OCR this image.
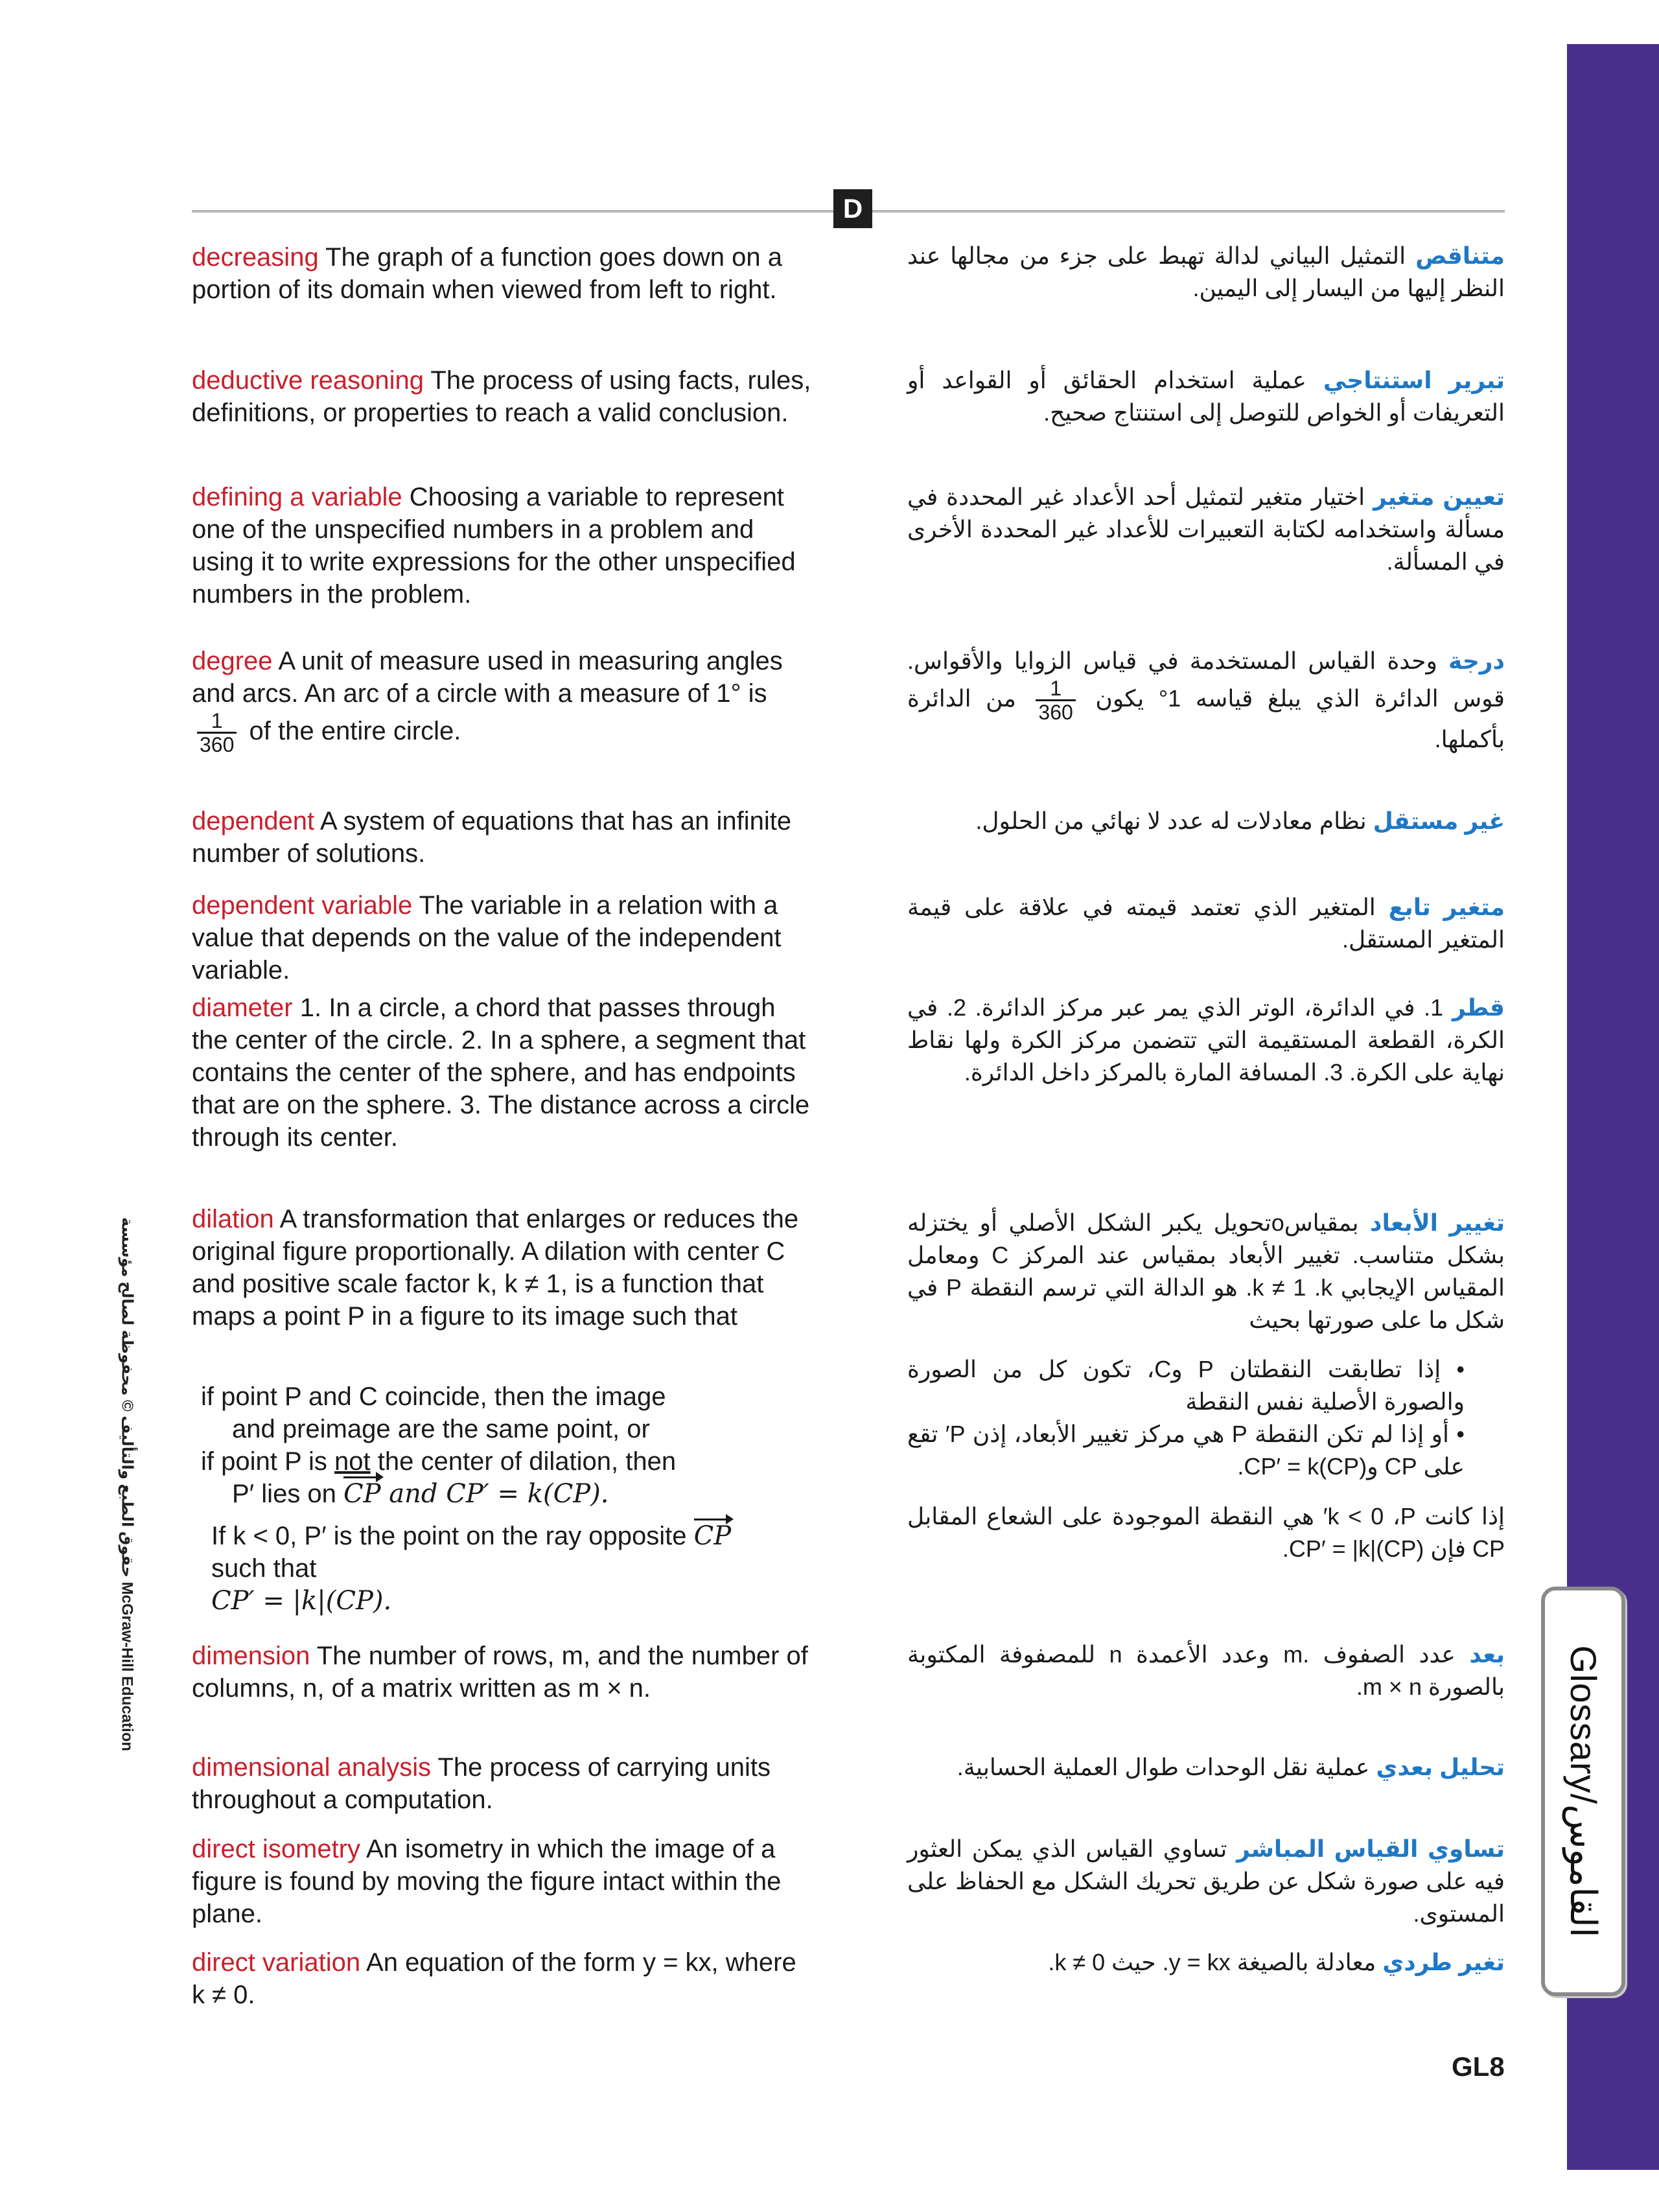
Glossary/القاموس
D
حقوق الطبع والتأليف © محفوظة لصالح مؤسسة McGraw-Hill Education
GL8
decreasing The graph of a function goes down on a portion of its domain when viewed from left to right.
deductive reasoning The process of using facts, rules, definitions, or properties to reach a valid conclusion.
defining a variable Choosing a variable to represent one of the unspecified numbers in a problem and using it to write expressions for the other unspecified numbers in the problem.
degree A unit of measure used in measuring angles and arcs. An arc of a circle with a measure of 1° is
$\frac{1}{360}$ of the entire circle.
dependent A system of equations that has an infinite number of solutions.
dependent variable The variable in a relation with a value that depends on the value of the independent variable.
diameter 1. In a circle, a chord that passes through the center of the circle. 2. In a sphere, a segment that contains the center of the sphere, and has endpoints that are on the sphere. 3. The distance across a circle through its center.
dilation A transformation that enlarges or reduces the original figure proportionally. A dilation with center C and positive scale factor k, k ≠ 1, is a function that maps a point P in a figure to its image such that
if point P and C coincide, then the image
and preimage are the same point, or
if point P is not the center of dilation, then
P′ lies on CP and CP′ = k(CP).
If k < 0, P′ is the point on the ray opposite CP
such that
CP′ = |k|(CP).
dimension The number of rows, m, and the number of columns, n, of a matrix written as m × n.
dimensional analysis The process of carrying units throughout a computation.
direct isometry An isometry in which the image of a figure is found by moving the figure intact within the plane.
direct variation An equation of the form y = kx, where k ≠ 0.
متناقص التمثيل البياني لدالة تهبط على جزء من مجالها عند النظر إليها من اليسار إلى اليمين.
تبرير استنتاجي عملية استخدام الحقائق أو القواعد أو التعريفات أو الخواص للتوصل إلى استنتاج صحيح.
تعيين متغير اختيار متغير لتمثيل أحد الأعداد غير المحددة في مسألة واستخدامه لكتابة التعبيرات للأعداد غير المحددة الأخرى في المسألة.
درجة وحدة القياس المستخدمة في قياس الزوايا والأقواس. قوس الدائرة الذي يبلغ قياسه 1° يكون
$\frac{1}{360}$
من الدائرة بأكملها.
غير مستقل نظام معادلات له عدد لا نهائي من الحلول.
متغير تابع المتغير الذي تعتمد قيمته في علاقة على قيمة المتغير المستقل.
قطر 1. في الدائرة، الوتر الذي يمر عبر مركز الدائرة. 2. في الكرة، القطعة المستقيمة التي تتضمن مركز الكرة ولها نقاط نهاية على الكرة. 3. المسافة المارة بالمركز داخل الدائرة.
تغيير الأبعاد بمقياسoتحويل يكبر الشكل الأصلي أو يختزله بشكل متناسب. تغيير الأبعاد بمقياس عند المركز C ومعامل المقياس الإيجابي k ≠ 1 .k. هو الدالة التي ترسم النقطة P في شكل ما على صورتها بحيث
• إذا تطابقت النقطتان P وC، تكون كل من الصورة والصورة الأصلية نفس النقطة
• أو إذا لم تكن النقطة P هي مركز تغيير الأبعاد، إذن P′ تقع على CP وCP′ = k(CP).
إذا كانت k < 0 ،P′ هي النقطة الموجودة على الشعاع المقابل CP فإن CP′ = |k|(CP).
بعد عدد الصفوف .m وعدد الأعمدة n للمصفوفة المكتوبة بالصورة m × n.
تحليل بعدي عملية نقل الوحدات طوال العملية الحسابية.
تساوي القياس المباشر تساوي القياس الذي يمكن العثور فيه على صورة شكل عن طريق تحريك الشكل مع الحفاظ على المستوى.
تغير طردي معادلة بالصيغة y = kx. حيث k ≠ 0.
